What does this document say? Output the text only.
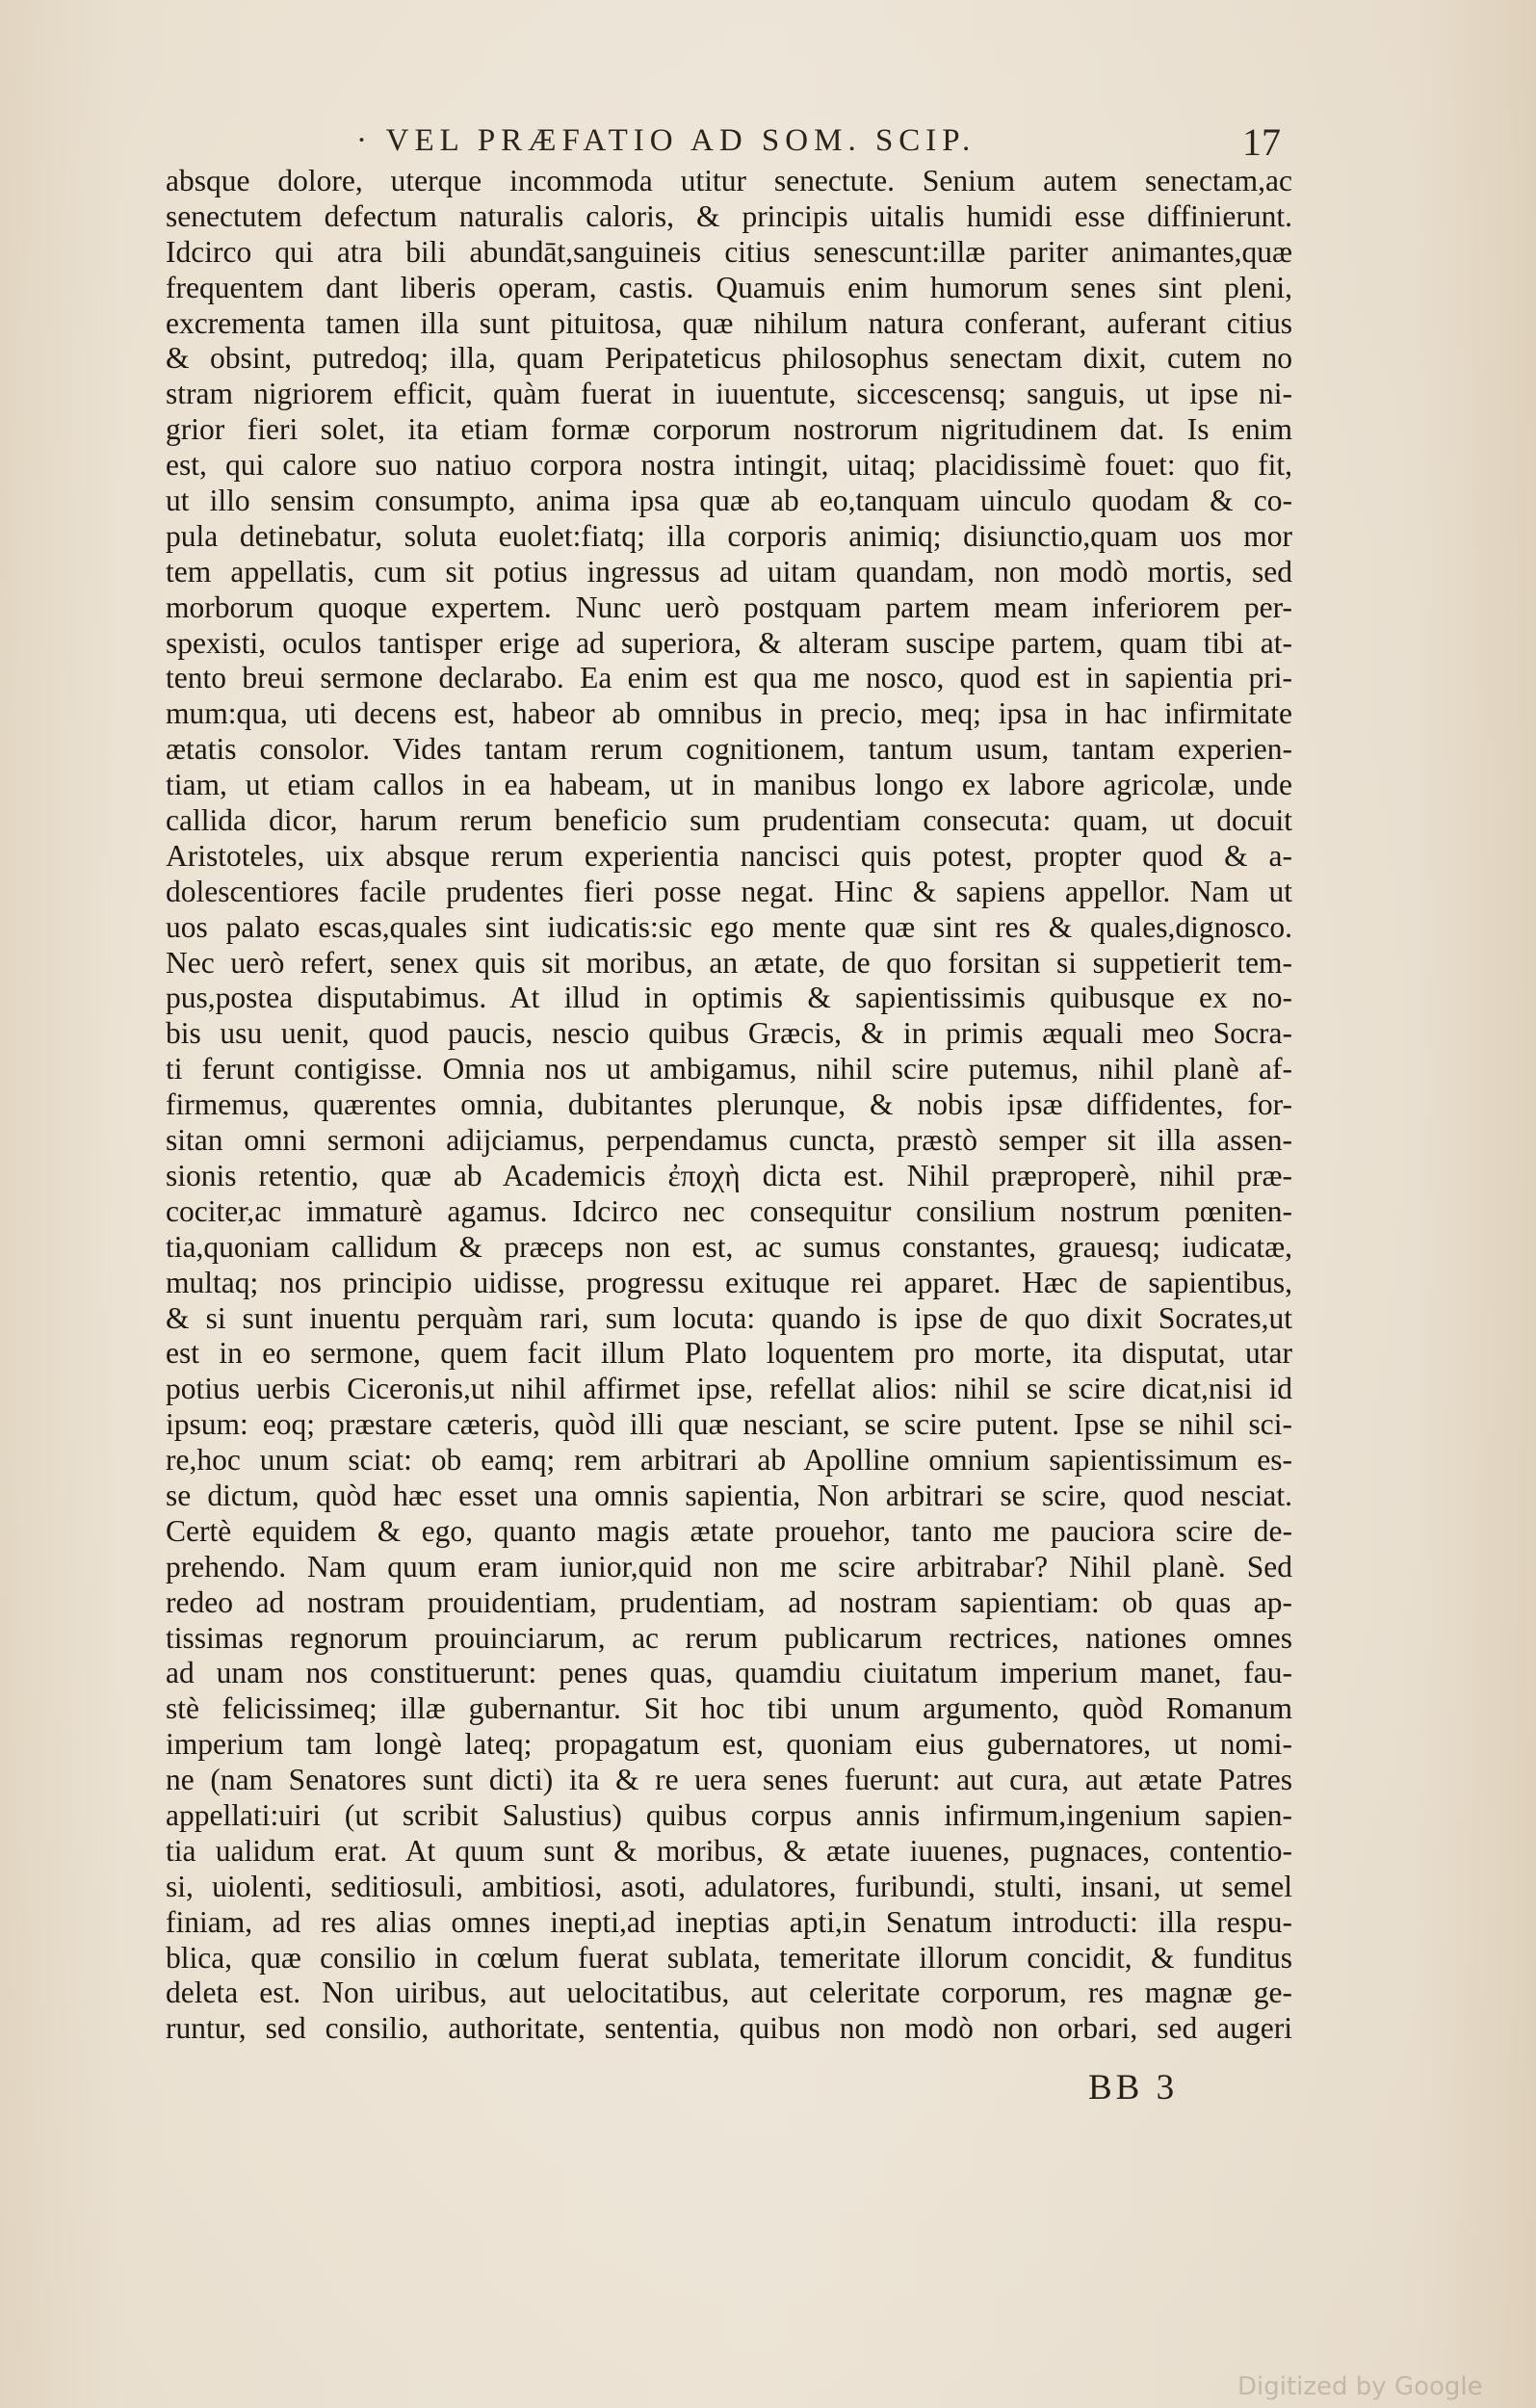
· VEL PRÆFATIO AD SOM. SCIP.	17
absque dolore, uterque incommoda utitur senectute. Senium autem senectam,ac
senectutem defectum naturalis caloris, & principis uitalis humidi esse diffinierunt.
Idcirco qui atra bili abundāt,sanguineis citius senescunt:illæ pariter animantes,quæ
frequentem dant liberis operam, castis. Quamuis enim humorum senes sint pleni,
excrementa tamen illa sunt pituitosa, quæ nihilum natura conferant, auferant citius
& obsint, putredoq; illa, quam Peripateticus philosophus senectam dixit, cutem no
stram nigriorem efficit, quàm fuerat in iuuentute, siccescensq; sanguis, ut ipse ni-
grior fieri solet, ita etiam formæ corporum nostrorum nigritudinem dat. Is enim
est, qui calore suo natiuo corpora nostra intingit, uitaq; placidissimè fouet: quo fit,
ut illo sensim consumpto, anima ipsa quæ ab eo,tanquam uinculo quodam & co-
pula detinebatur, soluta euolet:fiatq; illa corporis animiq; disiunctio,quam uos mor
tem appellatis, cum sit potius ingressus ad uitam quandam, non modò mortis, sed
morborum quoque expertem. Nunc uerò postquam partem meam inferiorem per-
spexisti, oculos tantisper erige ad superiora, & alteram suscipe partem, quam tibi at-
tento breui sermone declarabo. Ea enim est qua me nosco, quod est in sapientia pri-
mum:qua, uti decens est, habeor ab omnibus in precio, meq; ipsa in hac infirmitate
ætatis consolor. Vides tantam rerum cognitionem, tantum usum, tantam experien-
tiam, ut etiam callos in ea habeam, ut in manibus longo ex labore agricolæ, unde
callida dicor, harum rerum beneficio sum prudentiam consecuta: quam, ut docuit
Aristoteles, uix absque rerum experientia nancisci quis potest, propter quod & a-
dolescentiores facile prudentes fieri posse negat. Hinc & sapiens appellor. Nam ut
uos palato escas,quales sint iudicatis:sic ego mente quæ sint res & quales,dignosco.
Nec uerò refert, senex quis sit moribus, an ætate, de quo forsitan si suppetierit tem-
pus,postea disputabimus. At illud in optimis & sapientissimis quibusque ex no-
bis usu uenit, quod paucis, nescio quibus Græcis, & in primis æquali meo Socra-
ti ferunt contigisse. Omnia nos ut ambigamus, nihil scire putemus, nihil planè af-
firmemus, quærentes omnia, dubitantes plerunque, & nobis ipsæ diffidentes, for-
sitan omni sermoni adijciamus, perpendamus cuncta, præstò semper sit illa assen-
sionis retentio, quæ ab Academicis ἐποχὴ dicta est. Nihil præproperè, nihil præ-
cociter,ac immaturè agamus. Idcirco nec consequitur consilium nostrum pœniten-
tia,quoniam callidum & præceps non est, ac sumus constantes, grauesq; iudicatæ,
multaq; nos principio uidisse, progressu exituque rei apparet. Hæc de sapientibus,
& si sunt inuentu perquàm rari, sum locuta: quando is ipse de quo dixit Socrates,ut
est in eo sermone, quem facit illum Plato loquentem pro morte, ita disputat, utar
potius uerbis Ciceronis,ut nihil affirmet ipse, refellat alios: nihil se scire dicat,nisi id
ipsum: eoq; præstare cæteris, quòd illi quæ nesciant, se scire putent. Ipse se nihil sci-
re,hoc unum sciat: ob eamq; rem arbitrari ab Apolline omnium sapientissimum es-
se dictum, quòd hæc esset una omnis sapientia, Non arbitrari se scire, quod nesciat.
Certè equidem & ego, quanto magis ætate prouehor, tanto me pauciora scire de-
prehendo. Nam quum eram iunior,quid non me scire arbitrabar? Nihil planè. Sed
redeo ad nostram prouidentiam, prudentiam, ad nostram sapientiam: ob quas ap-
tissimas regnorum prouinciarum, ac rerum publicarum rectrices, nationes omnes
ad unam nos constituerunt: penes quas, quamdiu ciuitatum imperium manet, fau-
stè felicissimeq; illæ gubernantur. Sit hoc tibi unum argumento, quòd Romanum
imperium tam longè lateq; propagatum est, quoniam eius gubernatores, ut nomi-
ne (nam Senatores sunt dicti) ita & re uera senes fuerunt: aut cura, aut ætate Patres
appellati:uiri (ut scribit Salustius) quibus corpus annis infirmum,ingenium sapien-
tia ualidum erat. At quum sunt & moribus, & ætate iuuenes, pugnaces, contentio-
si, uiolenti, seditiosuli, ambitiosi, asoti, adulatores, furibundi, stulti, insani, ut semel
finiam, ad res alias omnes inepti,ad ineptias apti,in Senatum introducti: illa respu-
blica, quæ consilio in cœlum fuerat sublata, temeritate illorum concidit, & funditus
deleta est. Non uiribus, aut uelocitatibus, aut celeritate corporum, res magnæ ge-
runtur, sed consilio, authoritate, sententia, quibus non modò non orbari, sed augeri
BB 3
Digitized by Google
